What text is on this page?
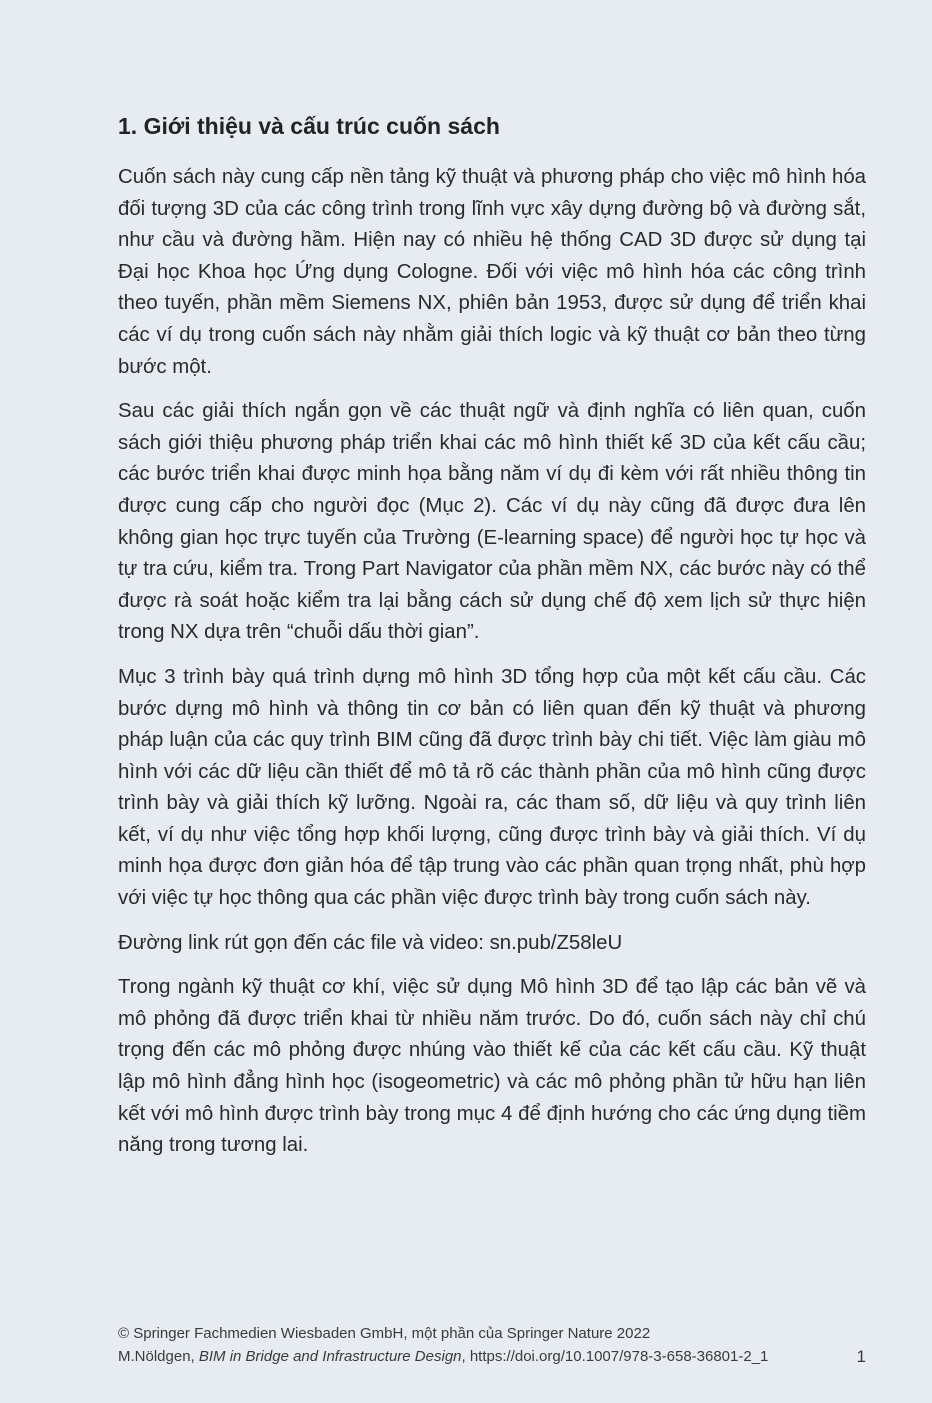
1. Giới thiệu và cấu trúc cuốn sách

Cuốn sách này cung cấp nền tảng kỹ thuật và phương pháp cho việc mô hình hóa đối tượng 3D của các công trình trong lĩnh vực xây dựng đường bộ và đường sắt, như cầu và đường hầm. Hiện nay có nhiều hệ thống CAD 3D được sử dụng tại Đại học Khoa học Ứng dụng Cologne. Đối với việc mô hình hóa các công trình theo tuyến, phần mềm Siemens NX, phiên bản 1953, được sử dụng để triển khai các ví dụ trong cuốn sách này nhằm giải thích logic và kỹ thuật cơ bản theo từng bước một.

Sau các giải thích ngắn gọn về các thuật ngữ và định nghĩa có liên quan, cuốn sách giới thiệu phương pháp triển khai các mô hình thiết kế 3D của kết cấu cầu; các bước triển khai được minh họa bằng năm ví dụ đi kèm với rất nhiều thông tin được cung cấp cho người đọc (Mục 2). Các ví dụ này cũng đã được đưa lên không gian học trực tuyến của Trường (E-learning space) để người học tự học và tự tra cứu, kiểm tra. Trong Part Navigator của phần mềm NX, các bước này có thể được rà soát hoặc kiểm tra lại bằng cách sử dụng chế độ xem lịch sử thực hiện trong NX dựa trên “chuỗi dấu thời gian”.

Mục 3 trình bày quá trình dựng mô hình 3D tổng hợp của một kết cấu cầu. Các bước dựng mô hình và thông tin cơ bản có liên quan đến kỹ thuật và phương pháp luận của các quy trình BIM cũng đã được trình bày chi tiết. Việc làm giàu mô hình với các dữ liệu cần thiết để mô tả rõ các thành phần của mô hình cũng được trình bày và giải thích kỹ lưỡng. Ngoài ra, các tham số, dữ liệu và quy trình liên kết, ví dụ như việc tổng hợp khối lượng, cũng được trình bày và giải thích. Ví dụ minh họa được đơn giản hóa để tập trung vào các phần quan trọng nhất, phù hợp với việc tự học thông qua các phần việc được trình bày trong cuốn sách này.

Đường link rút gọn đến các file và video: sn.pub/Z58leU

Trong ngành kỹ thuật cơ khí, việc sử dụng Mô hình 3D để tạo lập các bản vẽ và mô phỏng đã được triển khai từ nhiều năm trước. Do đó, cuốn sách này chỉ chú trọng đến các mô phỏng được nhúng vào thiết kế của các kết cấu cầu. Kỹ thuật lập mô hình đẳng hình học (isogeometric) và các mô phỏng phần tử hữu hạn liên kết với mô hình được trình bày trong mục 4 để định hướng cho các ứng dụng tiềm năng trong tương lai.

© Springer Fachmedien Wiesbaden GmbH, một phần của Springer Nature 2022
M.Nöldgen, BIM in Bridge and Infrastructure Design, https://doi.org/10.1007/978-3-658-36801-2_1	1
